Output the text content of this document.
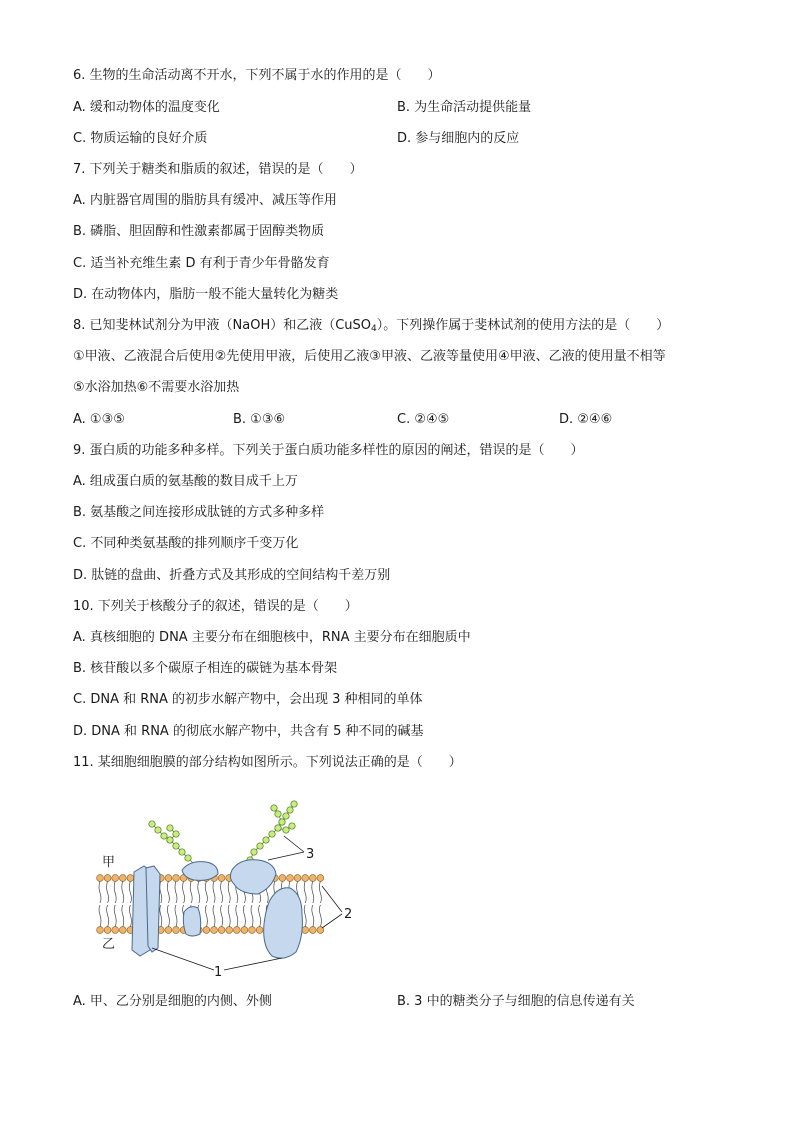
6. 生物的生命活动离不开水，下列不属于水的作用的是（　　）
A. 缓和动物体的温度变化	B. 为生命活动提供能量
C. 物质运输的良好介质	D. 参与细胞内的反应
7. 下列关于糖类和脂质的叙述，错误的是（　　）
A. 内脏器官周围的脂肪具有缓冲、减压等作用
B. 磷脂、胆固醇和性激素都属于固醇类物质
C. 适当补充维生素 D 有利于青少年骨骼发育
D. 在动物体内，脂肪一般不能大量转化为糖类
8. 已知斐林试剂分为甲液（NaOH）和乙液（CuSO4）。下列操作属于斐林试剂的使用方法的是（　　）
①甲液、乙液混合后使用②先使用甲液，后使用乙液③甲液、乙液等量使用④甲液、乙液的使用量不相等
⑤水浴加热⑥不需要水浴加热
A. ①③⑤	B. ①③⑥	C. ②④⑤	D. ②④⑥
9. 蛋白质的功能多种多样。下列关于蛋白质功能多样性的原因的阐述，错误的是（　　）
A. 组成蛋白质的氨基酸的数目成千上万
B. 氨基酸之间连接形成肽链的方式多种多样
C. 不同种类氨基酸的排列顺序千变万化
D. 肽链的盘曲、折叠方式及其形成的空间结构千差万别
10. 下列关于核酸分子的叙述，错误的是（　　）
A. 真核细胞的 DNA 主要分布在细胞核中，RNA 主要分布在细胞质中
B. 核苷酸以多个碳原子相连的碳链为基本骨架
C. DNA 和 RNA 的初步水解产物中，会出现 3 种相同的单体
D. DNA 和 RNA 的彻底水解产物中，共含有 5 种不同的碱基
11. 某细胞细胞膜的部分结构如图所示。下列说法正确的是（　　）
甲
乙
1
2
3
A. 甲、乙分别是细胞的内侧、外侧	B. 3 中的糖类分子与细胞的信息传递有关
